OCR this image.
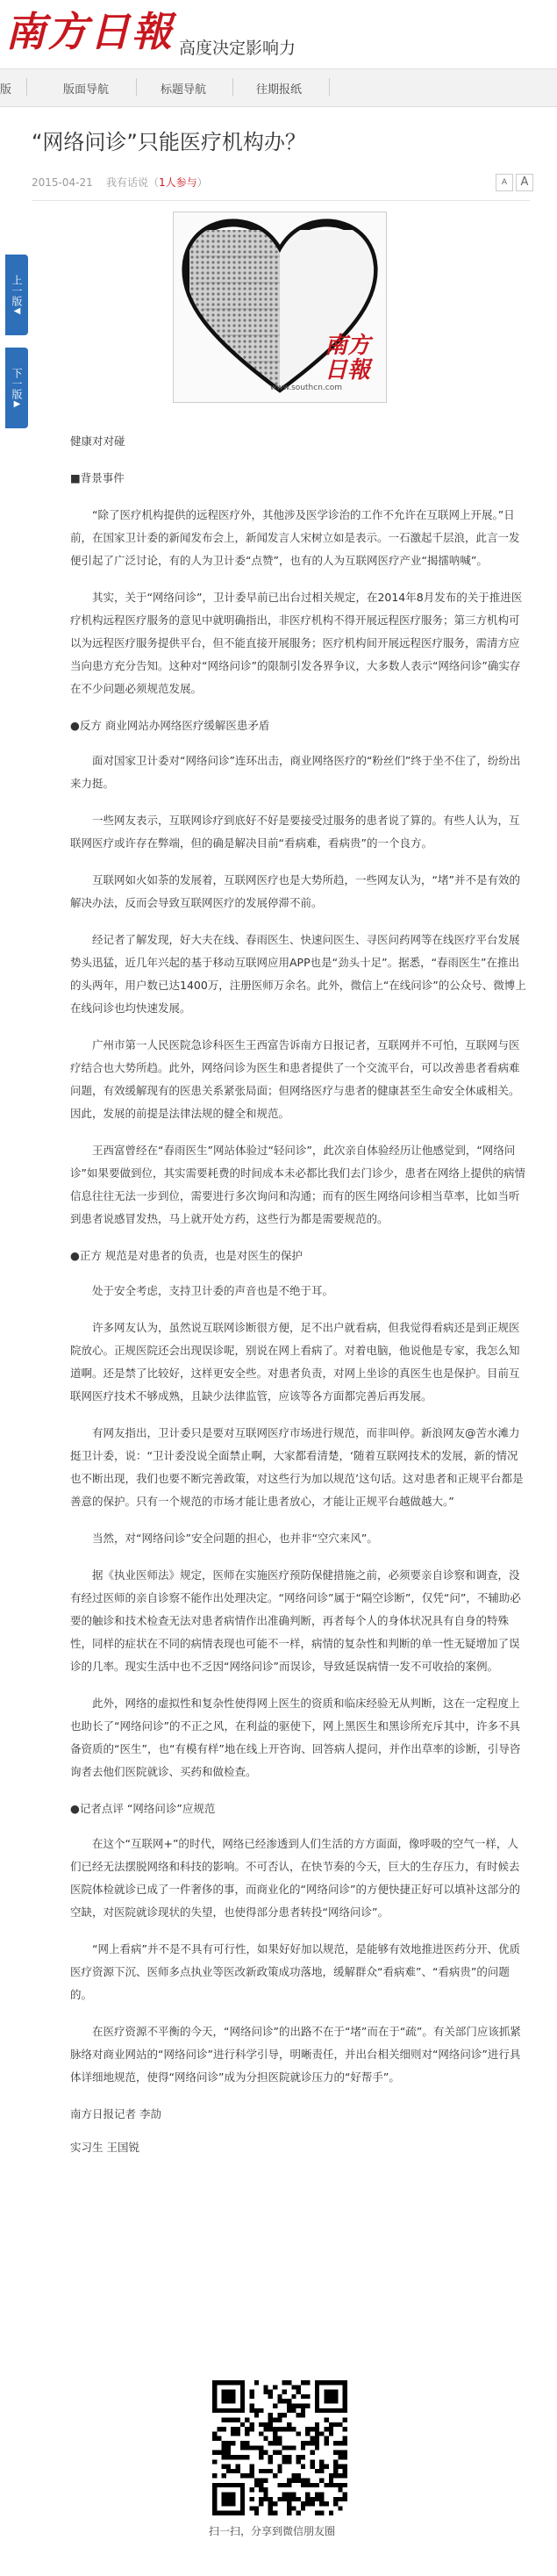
南方日報 高度决定影响力
版	版面导航	标题导航	往期报纸
“网络问诊”只能医疗机构办？
2015-04-21 我有话说（1人参与）	A	A
上一版◀
下一版▶
南方日報
www.southcn.com

健康对对碰

■背景事件

“除了医疗机构提供的远程医疗外，其他涉及医学诊治的工作不允许在互联网上开展。”日前，在国家卫计委的新闻发布会上，新闻发言人宋树立如是表示。一石激起千层浪，此言一发便引起了广泛讨论，有的人为卫计委“点赞”，也有的人为互联网医疗产业“揭擂呐喊”。

其实，关于“网络问诊”，卫计委早前已出台过相关规定，在2014年8月发布的关于推进医疗机构远程医疗服务的意见中就明确指出，非医疗机构不得开展远程医疗服务；第三方机构可以为远程医疗服务提供平台，但不能直接开展服务；医疗机构间开展远程医疗服务，需清方应当向患方充分告知。这种对“网络问诊”的限制引发各界争议，大多数人表示“网络问诊”确实存在不少问题必须规范发展。

●反方 商业网站办网络医疗缓解医患矛盾

面对国家卫计委对“网络问诊”连环出击，商业网络医疗的“粉丝们”终于坐不住了，纷纷出来力挺。

一些网友表示，互联网诊疗到底好不好是要接受过服务的患者说了算的。有些人认为，互联网医疗或许存在弊端，但的确是解决目前“看病难，看病贵”的一个良方。

互联网如火如荼的发展着，互联网医疗也是大势所趋，一些网友认为，“堵”并不是有效的解决办法，反而会导致互联网医疗的发展停滞不前。

经记者了解发现，好大夫在线、春雨医生、快速问医生、寻医问药网等在线医疗平台发展势头迅猛，近几年兴起的基于移动互联网应用APP也是“劲头十足”。据悉，“春雨医生”在推出的头两年，用户数已达1400万，注册医师万余名。此外，微信上“在线问诊”的公众号、微博上在线问诊也均快速发展。

广州市第一人民医院急诊科医生王西富告诉南方日报记者，互联网并不可怕，互联网与医疗结合也大势所趋。此外，网络问诊为医生和患者提供了一个交流平台，可以改善患者看病难问题，有效缓解现有的医患关系紧张局面；但网络医疗与患者的健康甚至生命安全休戚相关。因此，发展的前提是法律法规的健全和规范。

王西富曾经在“春雨医生”网站体验过“轻问诊”，此次亲自体验经历让他感觉到，“网络问诊”如果要做到位，其实需要耗费的时间成本未必都比我们去门诊少，患者在网络上提供的病情信息往往无法一步到位，需要进行多次询问和沟通；而有的医生网络问诊相当草率，比如当听到患者说感冒发热，马上就开处方药，这些行为都是需要规范的。

●正方 规范是对患者的负责，也是对医生的保护

处于安全考虑，支持卫计委的声音也是不绝于耳。

许多网友认为，虽然说互联网诊断很方便，足不出户就看病，但我觉得看病还是到正规医院放心。正规医院还会出现误诊呢，别说在网上看病了。对着电脑，他说他是专家，我怎么知道啊。还是禁了比较好，这样更安全些。对患者负责，对网上坐诊的真医生也是保护。目前互联网医疗技术不够成熟，且缺少法律监管，应该等各方面都完善后再发展。

有网友指出，卫计委只是要对互联网医疗市场进行规范，而非叫停。新浪网友@苦水滩力挺卫计委，说：“卫计委没说全面禁止啊，大家都看清楚，‘随着互联网技术的发展，新的情况也不断出现，我们也要不断完善政策，对这些行为加以规范’这句话。这对患者和正规平台都是善意的保护。只有一个规范的市场才能让患者放心，才能让正规平台越做越大。”

当然，对“网络问诊”安全问题的担心，也并非“空穴来风”。

据《执业医师法》规定，医师在实施医疗预防保健措施之前，必须要亲自诊察和调查，没有经过医师的亲自诊察不能作出处理决定。“网络问诊”属于“隔空诊断”，仅凭“问”，不辅助必要的触诊和技术检查无法对患者病情作出准确判断，再者每个人的身体状况具有自身的特殊性，同样的症状在不同的病情表现也可能不一样，病情的复杂性和判断的单一性无疑增加了误诊的几率。现实生活中也不乏因“网络问诊”而误诊，导致延误病情一发不可收拾的案例。

此外，网络的虚拟性和复杂性使得网上医生的资质和临床经验无从判断，这在一定程度上也助长了“网络问诊”的不正之风，在利益的驱使下，网上黑医生和黑诊所充斥其中，许多不具备资质的“医生”，也“有模有样”地在线上开咨询、回答病人提问，并作出草率的诊断，引导咨询者去他们医院就诊、买药和做检查。

●记者点评 “网络问诊”应规范

在这个“互联网+”的时代，网络已经渗透到人们生活的方方面面，像呼吸的空气一样，人们已经无法摆脱网络和科技的影响。不可否认，在快节奏的今天，巨大的生存压力，有时候去医院体检就诊已成了一件奢侈的事，而商业化的“网络问诊”的方便快捷正好可以填补这部分的空缺，对医院就诊现状的失望，也使得部分患者转投“网络问诊”。

“网上看病”并不是不具有可行性，如果好好加以规范，是能够有效地推进医药分开、优质医疗资源下沉、医师多点执业等医改新政策成功落地，缓解群众“看病难”、“看病贵”的问题的。

在医疗资源不平衡的今天，“网络问诊”的出路不在于“堵”而在于“疏”。有关部门应该抓紧脉络对商业网站的“网络问诊”进行科学引导，明晰责任，并出台相关细则对“网络问诊”进行具体详细地规范，使得“网络问诊”成为分担医院就诊压力的“好帮手”。

南方日报记者 李劼

实习生 王国锐

扫一扫，分享到微信朋友圈
